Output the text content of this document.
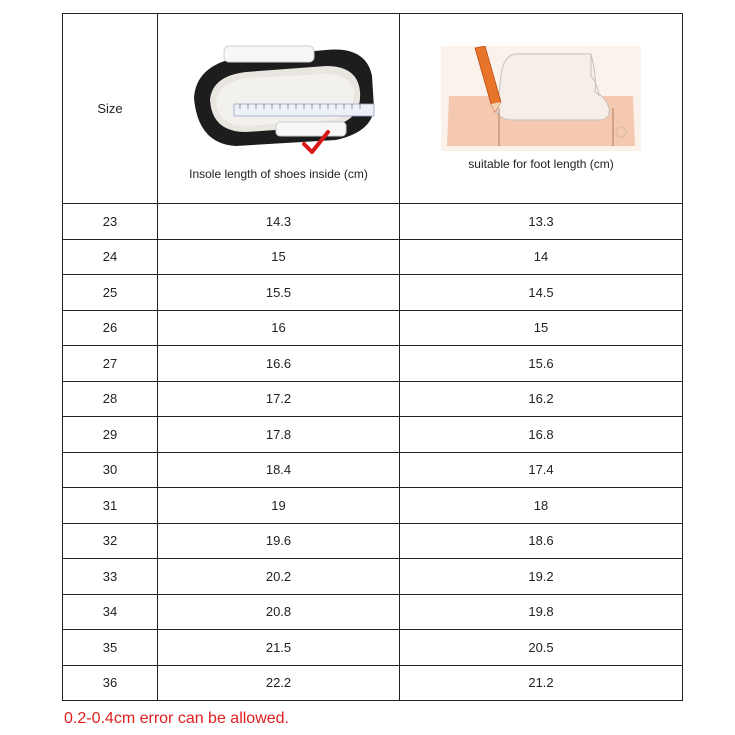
Size	Insole length of shoes inside (cm)	suitable for foot length (cm)

23	14.3	13.3
24	15	14
25	15.5	14.5
26	16	15
27	16.6	15.6
28	17.2	16.2
29	17.8	16.8
30	18.4	17.4
31	19	18
32	19.6	18.6
33	20.2	19.2
34	20.8	19.8
35	21.5	20.5
36	22.2	21.2
0.2-0.4cm error can be allowed.
